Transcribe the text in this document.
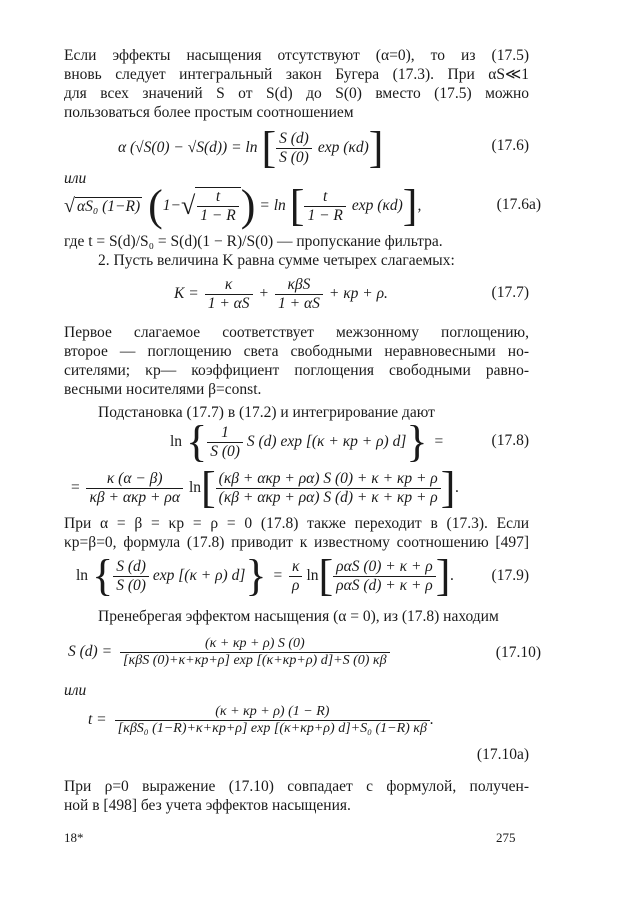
Если эффекты насыщения отсутствуют (α=0), то из (17.5)
вновь следует интегральный закон Бугера (17.3). При αS≪1
для всех значений S от S(d) до S(0) вместо (17.5) можно
пользоваться более простым соотношением
α (√S(0) − √S(d)) = ln [ $\frac{S (d)}{S (0)}$ exp (κd) ]	(17.6)
или
√ αS₀ (1−R) ( 1− √ $\frac{t}{1 - R}$ ) = ln [ $\frac{t}{1 - R}$ exp (κd) ] ,	(17.6a)
где t = S(d)/S₀ = S(d)(1 − R)/S(0) — пропускание фильтра.
2. Пусть величина K равна сумме четырех слагаемых:
$K = \frac{\kappa}{1 + \alpha S} + \frac{\text{κβS}}{1 + \alpha S} + \kappa р + \rho$.	(17.7)
Первое слагаемое соответствует межзонному поглощению,
второе — поглощению света свободными неравновесными но-
сителями; κр— коэффициент поглощения свободными равно-
весными носителями β=const.
Подстановка (17.7) в (17.2) и интегрирование дают
ln { $\frac{1}{S (0)}$ S (d) exp [(κ + κр + ρ) d] } =	(17.8)
= $\frac{\kappa (\alpha - \beta)}{\text{κβ + ακр + ρα}}$ ln [ $\frac{\text{(κβ + ακр + ρα) S (0) + κ + κр + ρ}}{\text{(κβ + ακр + ρα) S (d) + κ + κр + ρ}}$ ] .
При α = β = κр = ρ = 0 (17.8) также переходит в (17.3). Если
κр=β=0, формула (17.8) приводит к известному соотношению [497]
ln { $\frac{S (d)}{S (0)}$ exp [(κ + ρ) d] } = $\frac{\kappa}{\rho}$ ln [ $\frac{\text{ραS (0) + κ + ρ}}{\text{ραS (d) + κ + ρ}}$ ] . (17.9)
Пренебрегая эффектом насыщения (α = 0), из (17.8) находим
S $(d) = \frac{(\kappa + \kappa р + \rho) S (0)}{\text{[κβS (0)+κ+κр+ρ] exp [(κ+κр+ρ) d]+S (0) κβ}}$	(17.10)
или
$t = \frac{(\kappa + \kappa р + \rho) (1 - R)}{\text{[κβS₀ (1−R)+κ+κр+ρ] exp [(κ+κр+ρ) d]+S₀ (1−R) κβ}}$ .
(17.10a)
При ρ=0 выражение (17.10) совпадает с формулой, получен-
ной в [498] без учета эффектов насыщения.
18*	275
